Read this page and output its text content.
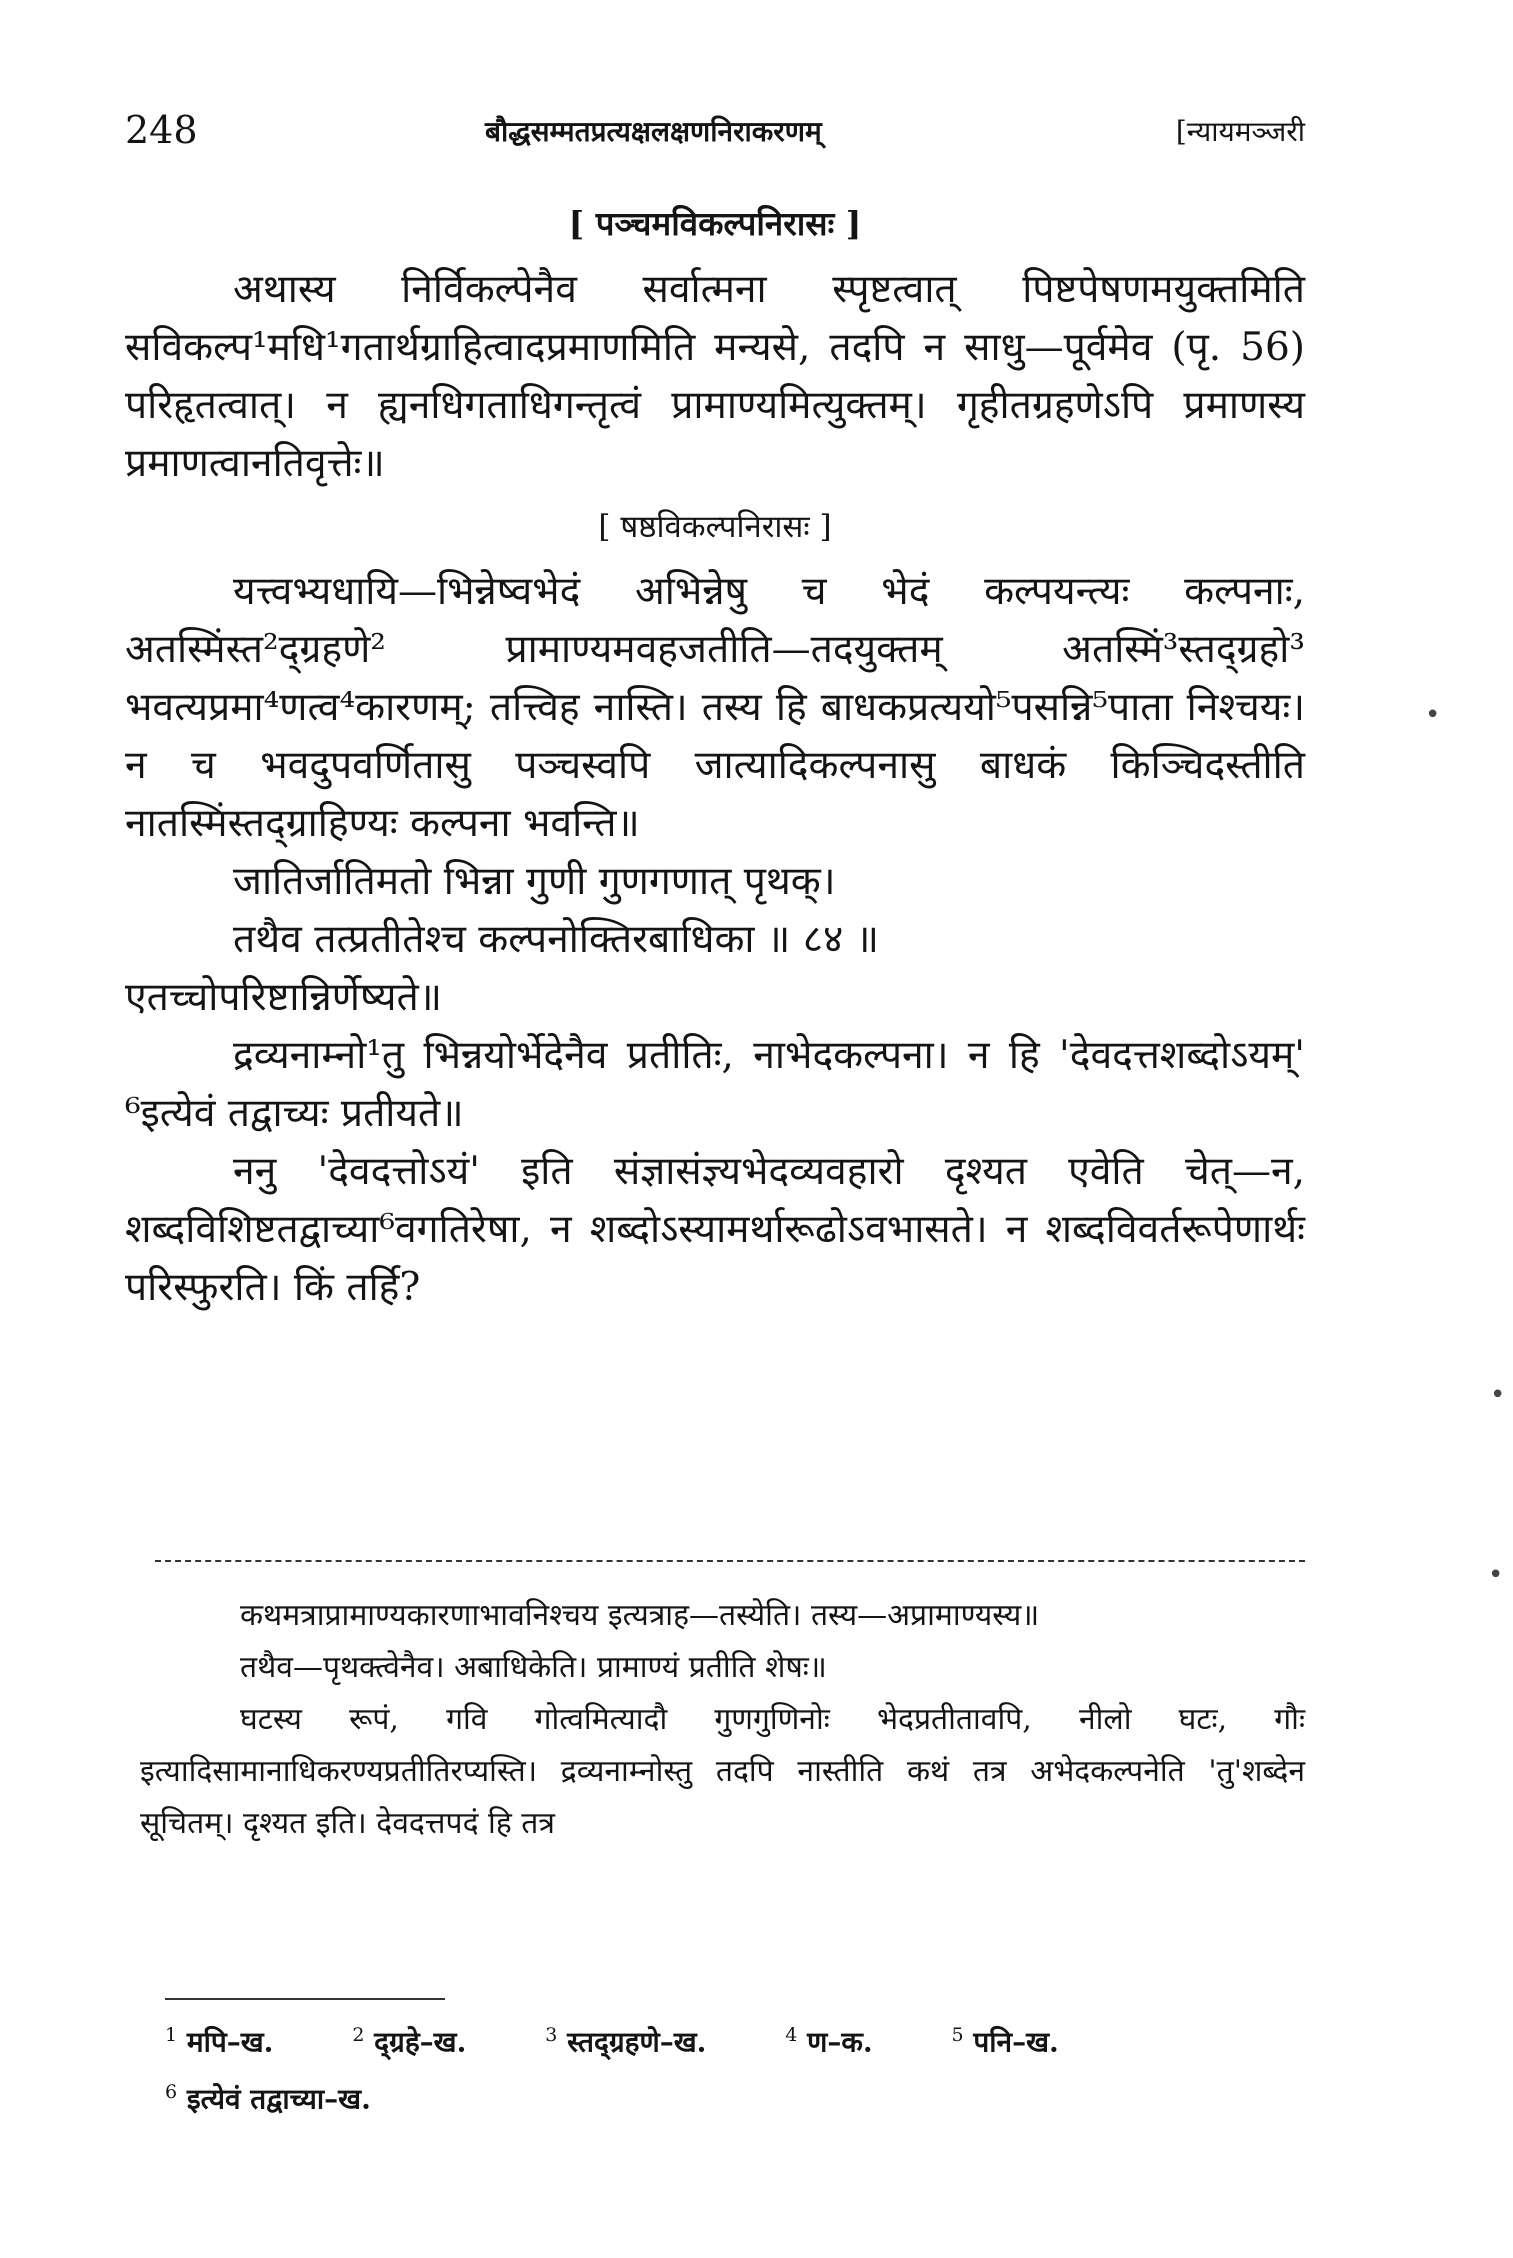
248	बौद्धसम्मतप्रत्यक्षलक्षणनिराकरणम्	[न्यायमञ्जरी
[ पञ्चमविकल्पनिरासः ]

अथास्य निर्विकल्पेनैव सर्वात्मना स्पृष्टत्वात् पिष्टपेषणमयुक्तमिति सविकल्प¹मधि¹गतार्थग्राहित्वादप्रमाणमिति मन्यसे, तदपि न साधु—पूर्वमेव (पृ. 56) परिहृतत्वात्। न ह्यनधिगताधिगन्तृत्वं प्रामाण्यमित्युक्तम्। गृहीतग्रहणेऽपि प्रमाणस्य प्रमाणत्वानतिवृत्तेः॥

[ षष्ठविकल्पनिरासः ]

यत्त्वभ्यधायि—भिन्नेष्वभेदं अभिन्नेषु च भेदं कल्पयन्त्यः कल्पनाः, अतस्मिंस्त²द्ग्रहणे² प्रामाण्यमवहजतीति—तदयुक्तम् अतस्मिं³स्तद्ग्रहो³ भवत्यप्रमा⁴णत्व⁴कारणम्; तत्त्विह नास्ति। तस्य हि बाधकप्रत्ययो⁵पसन्नि⁵पाता निश्चयः। न च भवदुपवर्णितासु पञ्चस्वपि जात्यादिकल्पनासु बाधकं किञ्चिदस्तीति नातस्मिंस्तद्ग्राहिण्यः कल्पना भवन्ति॥

जातिर्जातिमतो भिन्ना गुणी गुणगणात् पृथक्।

तथैव तत्प्रतीतेश्च कल्पनोक्तिरबाधिका ॥ ८४ ॥

एतच्चोपरिष्टान्निर्णेष्यते॥

द्रव्यनाम्नो¹तु भिन्नयोर्भेदेनैव प्रतीतिः, नाभेदकल्पना। न हि 'देवदत्तशब्दोऽयम्' ⁶इत्येवं तद्वाच्यः प्रतीयते॥

ननु 'देवदत्तोऽयं' इति संज्ञासंज्ञ्यभेदव्यवहारो दृश्यत एवेति चेत्—न, शब्दविशिष्टतद्वाच्या⁶वगतिरेषा, न शब्दोऽस्यामर्थारूढोऽवभासते। न शब्दविवर्तरूपेणार्थः परिस्फुरति। किं तर्हि?

कथमत्राप्रामाण्यकारणाभावनिश्चय इत्यत्राह—तस्येति। तस्य—अप्रामाण्यस्य॥

तथैव—पृथक्त्वेनैव। अबाधिकेति। प्रामाण्यं प्रतीति शेषः॥

घटस्य रूपं, गवि गोत्वमित्यादौ गुणगुणिनोः भेदप्रतीतावपि, नीलो घटः, गौः इत्यादिसामानाधिकरण्यप्रतीतिरप्यस्ति। द्रव्यनाम्नोस्तु तदपि नास्तीति कथं तत्र अभेदकल्पनेति 'तु'शब्देन सूचितम्। दृश्यत इति। देवदत्तपदं हि तत्र

$^1$ मपि–ख.	$^2$ द्ग्रहे–ख.	$^3$ स्तद्ग्रहणे–ख.	$^4$ ण–क.	$^5$ पनि–ख.
$^6$ इत्येवं तद्वाच्या–ख.
•
•
•
